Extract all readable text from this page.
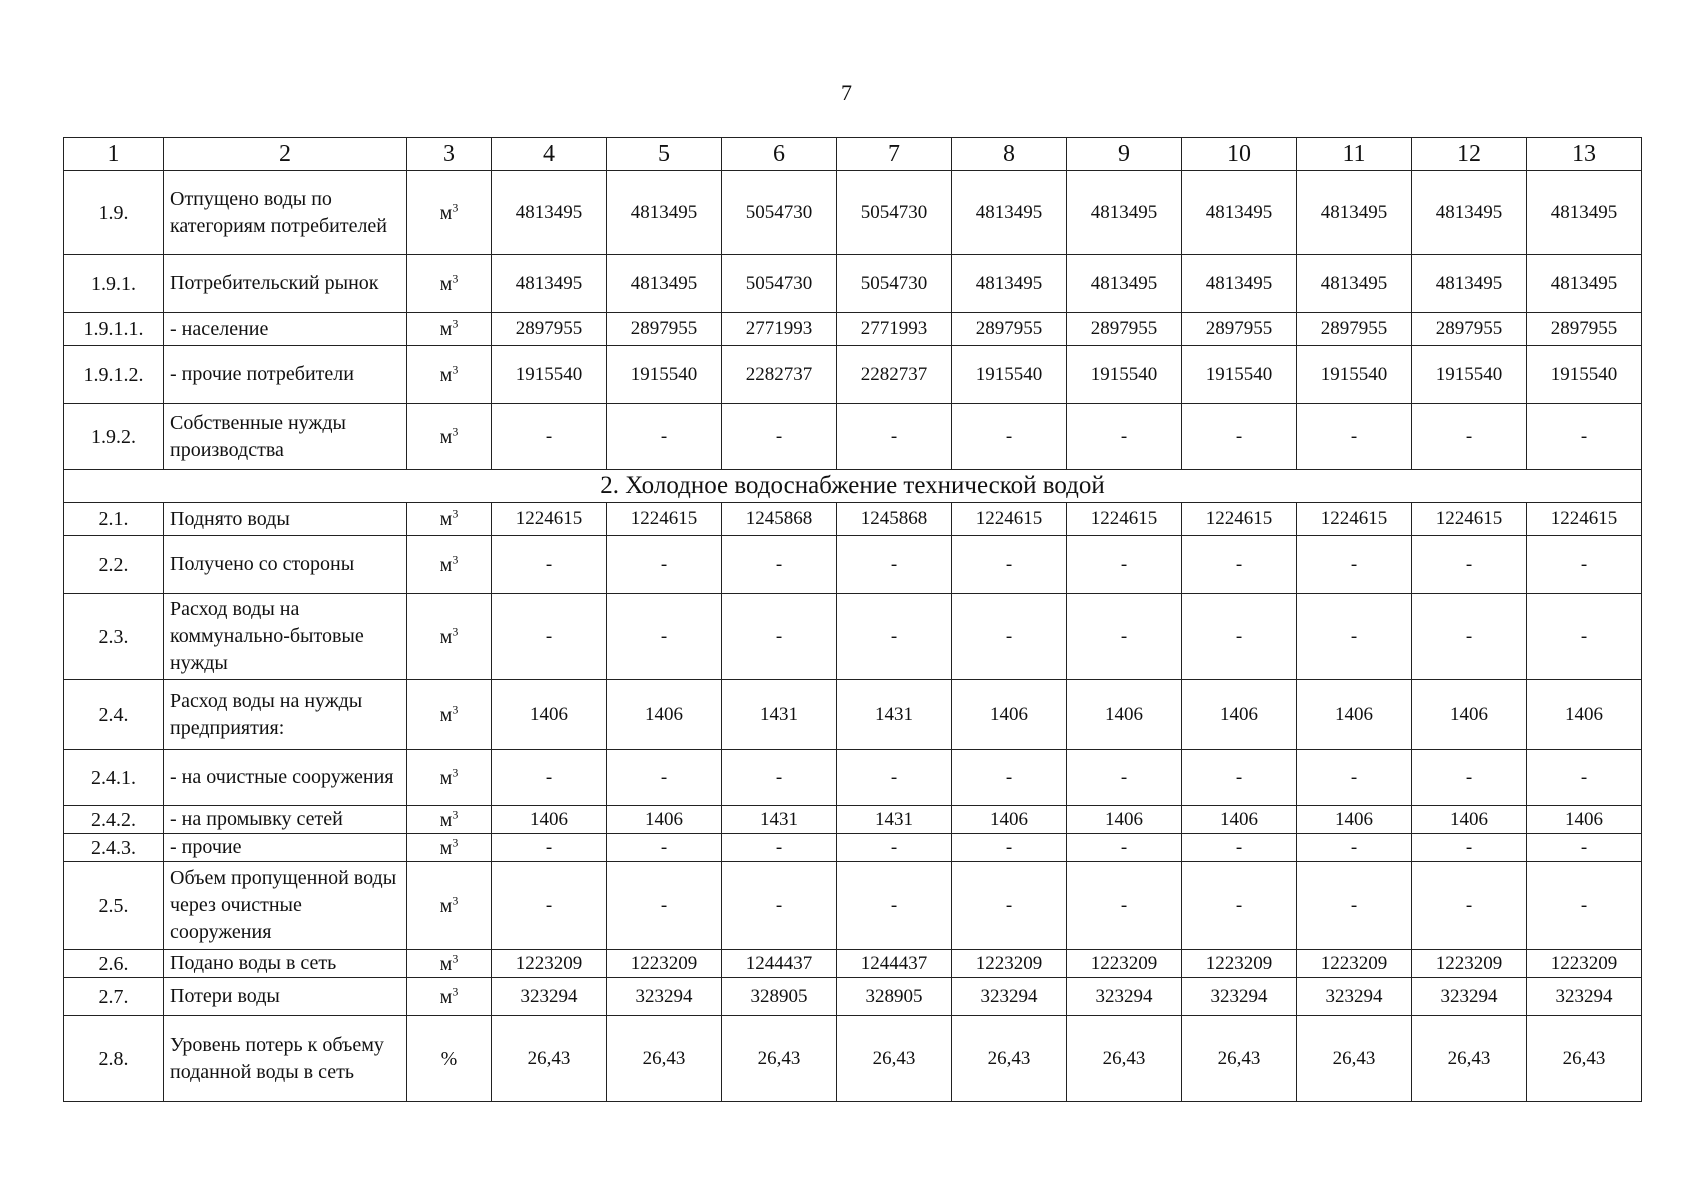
7
1	2	3	4	5	6	7	8	9	10	11	12	13
1.9.	Отпущено воды по категориям потребителей	$м^3$	4813495	4813495	5054730	5054730	4813495	4813495	4813495	4813495	4813495	4813495
1.9.1.	Потребительский рынок	$м^3$	4813495	4813495	5054730	5054730	4813495	4813495	4813495	4813495	4813495	4813495
1.9.1.1.	- население	$м^3$	2897955	2897955	2771993	2771993	2897955	2897955	2897955	2897955	2897955	2897955
1.9.1.2.	- прочие потребители	$м^3$	1915540	1915540	2282737	2282737	1915540	1915540	1915540	1915540	1915540	1915540
1.9.2.	Собственные нужды производства	$м^3$	-	-	-	-	-	-	-	-	-	-
2. Холодное водоснабжение технической водой												
2.1.	Поднято воды	$м^3$	1224615	1224615	1245868	1245868	1224615	1224615	1224615	1224615	1224615	1224615
2.2.	Получено со стороны	$м^3$	-	-	-	-	-	-	-	-	-	-
2.3.	Расход воды на коммунально-бытовые нужды	$м^3$	-	-	-	-	-	-	-	-	-	-
2.4.	Расход воды на нужды предприятия:	$м^3$	1406	1406	1431	1431	1406	1406	1406	1406	1406	1406
2.4.1.	- на очистные сооружения	$м^3$	-	-	-	-	-	-	-	-	-	-
2.4.2.	- на промывку сетей	$м^3$	1406	1406	1431	1431	1406	1406	1406	1406	1406	1406
2.4.3.	- прочие	$м^3$	-	-	-	-	-	-	-	-	-	-
2.5.	Объем пропущенной воды через очистные сооружения	$м^3$	-	-	-	-	-	-	-	-	-	-
2.6.	Подано воды в сеть	$м^3$	1223209	1223209	1244437	1244437	1223209	1223209	1223209	1223209	1223209	1223209
2.7.	Потери воды	$м^3$	323294	323294	328905	328905	323294	323294	323294	323294	323294	323294
2.8.	Уровень потерь к объему поданной воды в сеть	%	26,43	26,43	26,43	26,43	26,43	26,43	26,43	26,43	26,43	26,43
